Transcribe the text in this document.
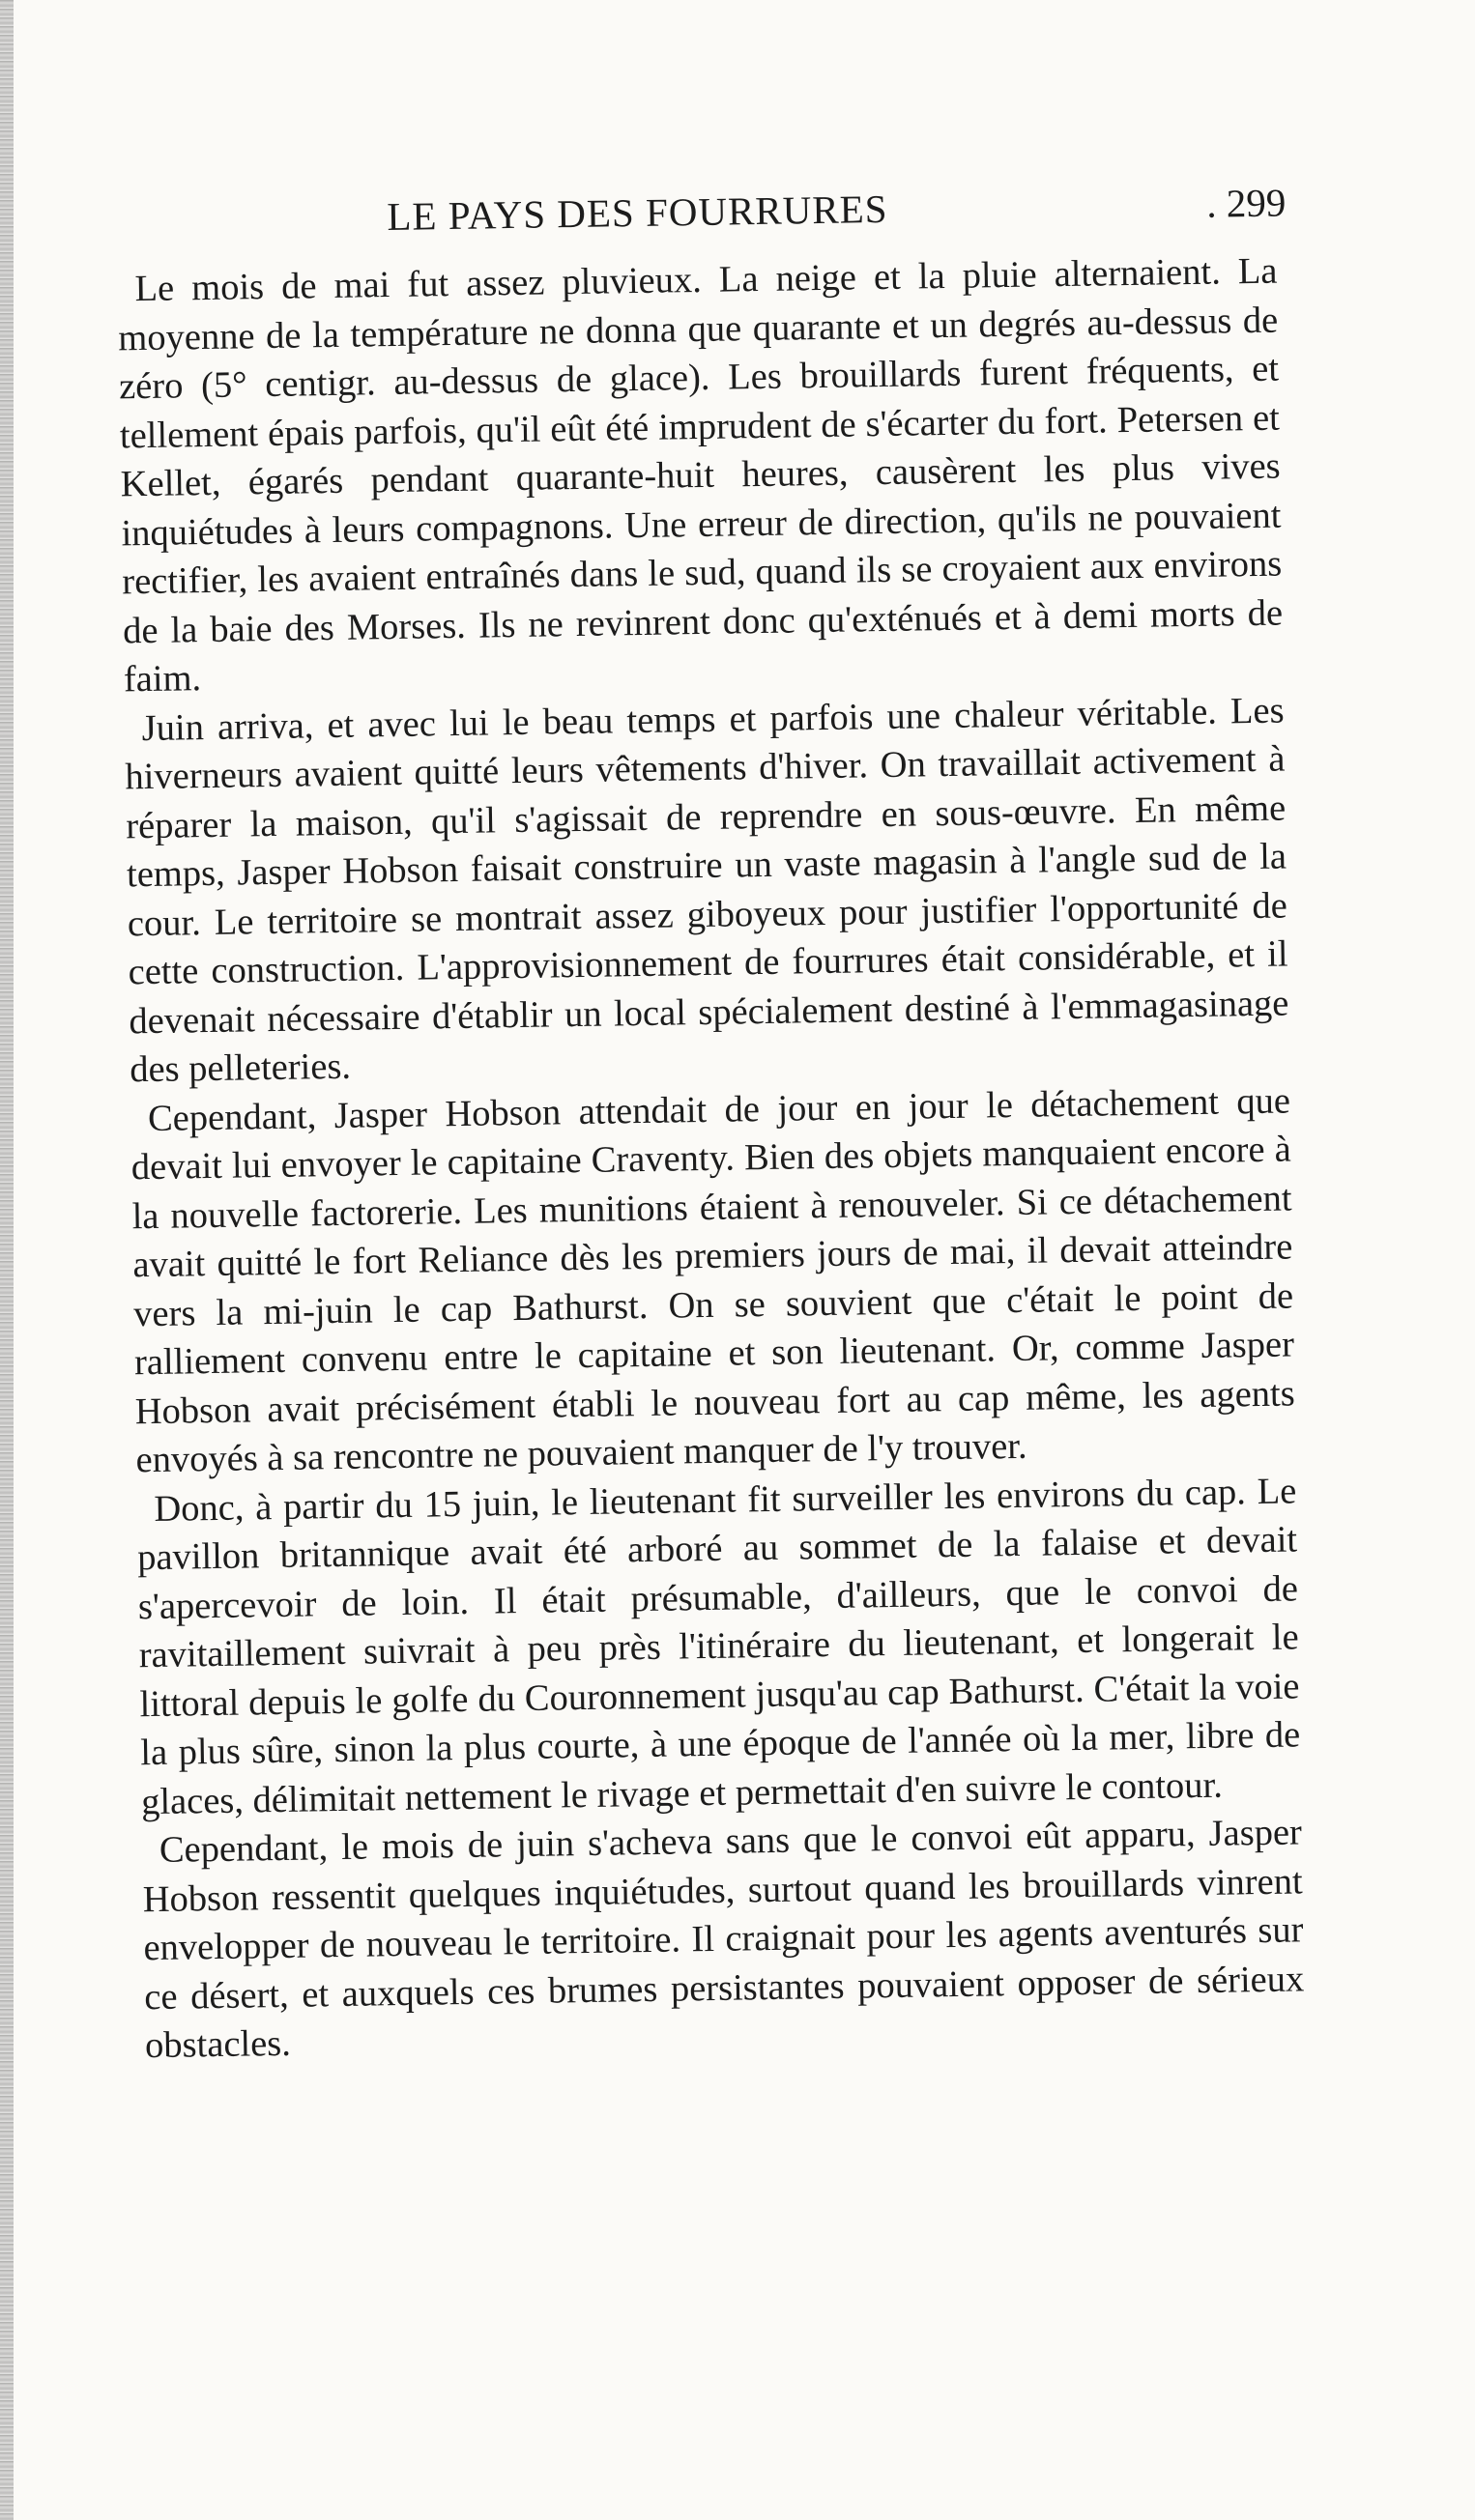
LE PAYS DES FOURRURES	. 299

Le mois de mai fut assez pluvieux. La neige et la pluie alternaient. La moyenne de la température ne donna que quarante et un degrés au-dessus de zéro (5° centigr. au-dessus de glace). Les brouillards furent fréquents, et tellement épais parfois, qu'il eût été imprudent de s'écarter du fort. Petersen et Kellet, égarés pendant quarante-huit heures, causèrent les plus vives inquiétudes à leurs compagnons. Une erreur de direction, qu'ils ne pouvaient rectifier, les avaient entraînés dans le sud, quand ils se croyaient aux environs de la baie des Morses. Ils ne revinrent donc qu'exténués et à demi morts de faim.

Juin arriva, et avec lui le beau temps et parfois une chaleur véritable. Les hiverneurs avaient quitté leurs vêtements d'hiver. On travaillait activement à réparer la maison, qu'il s'agissait de reprendre en sous-œuvre. En même temps, Jasper Hobson faisait construire un vaste magasin à l'angle sud de la cour. Le territoire se montrait assez giboyeux pour justifier l'opportunité de cette construction. L'approvisionnement de fourrures était considérable, et il devenait nécessaire d'établir un local spécialement destiné à l'emmagasinage des pelleteries.

Cependant, Jasper Hobson attendait de jour en jour le détachement que devait lui envoyer le capitaine Craventy. Bien des objets manquaient encore à la nouvelle factorerie. Les munitions étaient à renouveler. Si ce détachement avait quitté le fort Reliance dès les premiers jours de mai, il devait atteindre vers la mi-juin le cap Bathurst. On se souvient que c'était le point de ralliement convenu entre le capitaine et son lieutenant. Or, comme Jasper Hobson avait précisément établi le nouveau fort au cap même, les agents envoyés à sa rencontre ne pouvaient manquer de l'y trouver.

Donc, à partir du 15 juin, le lieutenant fit surveiller les environs du cap. Le pavillon britannique avait été arboré au sommet de la falaise et devait s'apercevoir de loin. Il était présumable, d'ailleurs, que le convoi de ravitaillement suivrait à peu près l'itinéraire du lieutenant, et longerait le littoral depuis le golfe du Couronnement jusqu'au cap Bathurst. C'était la voie la plus sûre, sinon la plus courte, à une époque de l'année où la mer, libre de glaces, délimitait nettement le rivage et permettait d'en suivre le contour.

Cependant, le mois de juin s'acheva sans que le convoi eût apparu, Jasper Hobson ressentit quelques inquiétudes, surtout quand les brouillards vinrent envelopper de nouveau le territoire. Il craignait pour les agents aventurés sur ce désert, et auxquels ces brumes persistantes pouvaient opposer de sérieux obstacles.
